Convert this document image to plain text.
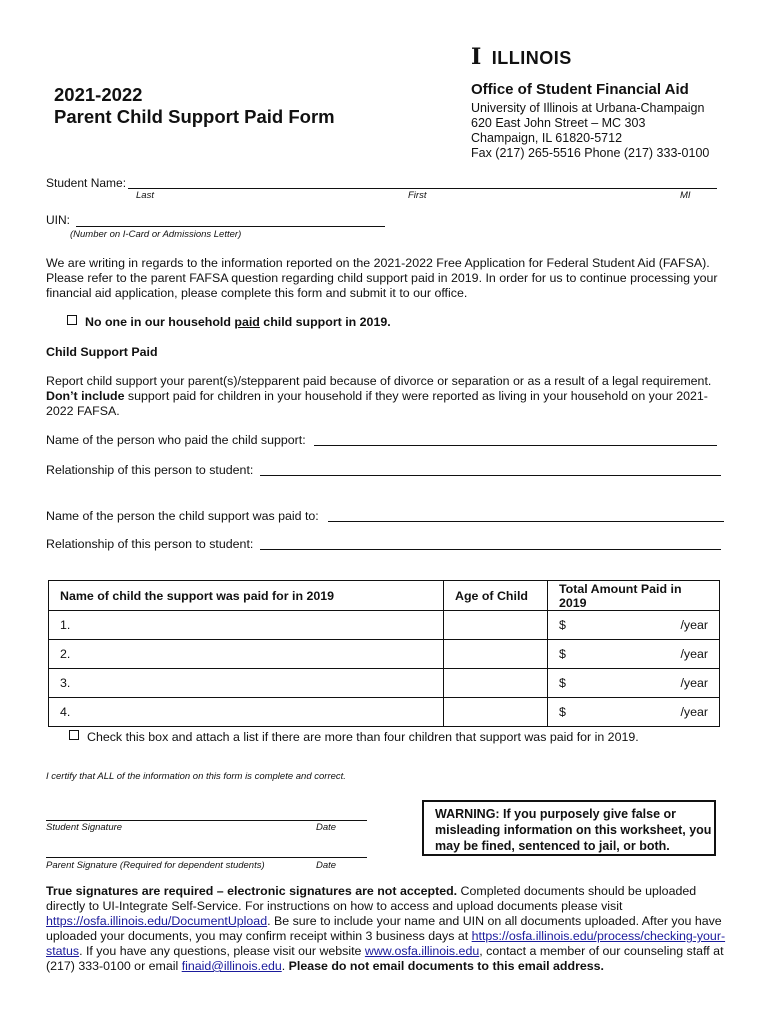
I ILLINOIS
2021-2022
Parent Child Support Paid Form
Office of Student Financial Aid
University of Illinois at Urbana-Champaign
620 East John Street – MC 303
Champaign, IL 61820-5712
Fax (217) 265-5516 Phone (217) 333-0100
Student Name:
Last	First	MI
UIN:
(Number on I-Card or Admissions Letter)
We are writing in regards to the information reported on the 2021-2022 Free Application for Federal Student Aid (FAFSA). Please refer to the parent FAFSA question regarding child support paid in 2019. In order for us to continue processing your financial aid application, please complete this form and submit it to our office.
No one in our household paid child support in 2019.
Child Support Paid
Report child support your parent(s)/stepparent paid because of divorce or separation or as a result of a legal requirement. Don’t include support paid for children in your household if they were reported as living in your household on your 2021-2022 FAFSA.
Name of the person who paid the child support:
Relationship of this person to student:
Name of the person the child support was paid to:
Relationship of this person to student:
Name of child the support was paid for in 2019	Age of Child	Total Amount Paid in 2019
1.		$ /year

2.		$ /year

3.		$ /year

4.		$ /year
Check this box and attach a list if there are more than four children that support was paid for in 2019.
I certify that ALL of the information on this form is complete and correct.
Student Signature	Date
Parent Signature (Required for dependent students)	Date
WARNING: If you purposely give false or misleading information on this worksheet, you may be fined, sentenced to jail, or both.
True signatures are required – electronic signatures are not accepted. Completed documents should be uploaded directly to UI-Integrate Self-Service. For instructions on how to access and upload documents please visit https://osfa.illinois.edu/DocumentUpload. Be sure to include your name and UIN on all documents uploaded. After you have uploaded your documents, you may confirm receipt within 3 business days at https://osfa.illinois.edu/process/checking-your-status. If you have any questions, please visit our website www.osfa.illinois.edu, contact a member of our counseling staff at (217) 333-0100 or email finaid@illinois.edu. Please do not email documents to this email address.
